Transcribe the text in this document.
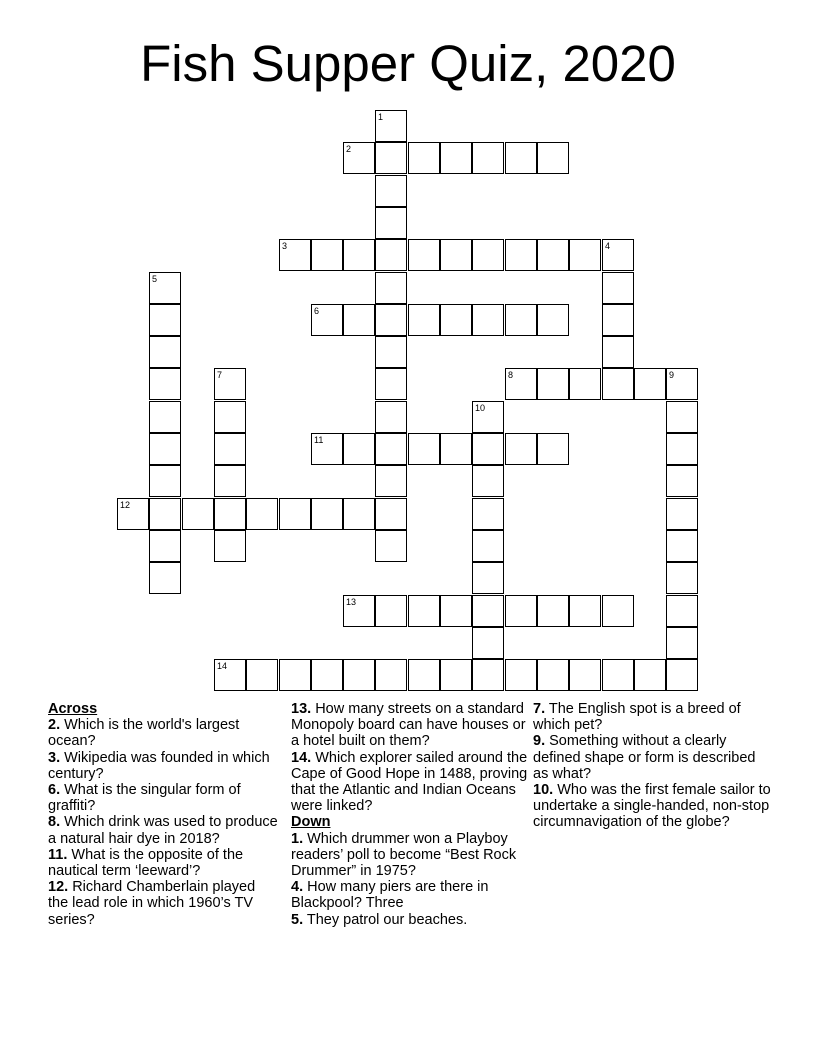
Fish Supper Quiz, 2020
1
2
3	4
5
6
7	8	9
10
11
12
13
14
Across
2. Which is the world's largest ocean?
3. Wikipedia was founded in which century?
6. What is the singular form of graffiti?
8. Which drink was used to produce a natural hair dye in 2018?
11. What is the opposite of the nautical term ‘leeward’?
12. Richard Chamberlain played the lead role in which 1960’s TV series?
13. How many streets on a standard Monopoly board can have houses or a hotel built on them?
14. Which explorer sailed around the Cape of Good Hope in 1488, proving that the Atlantic and Indian Oceans were linked?
Down
1. Which drummer won a Playboy readers’ poll to become “Best Rock Drummer” in 1975?
4. How many piers are there in Blackpool? Three
5. They patrol our beaches.
7. The English spot is a breed of which pet?
9. Something without a clearly defined shape or form is described as what?
10. Who was the first female sailor to undertake a single-handed, non-stop circumnavigation of the globe?
